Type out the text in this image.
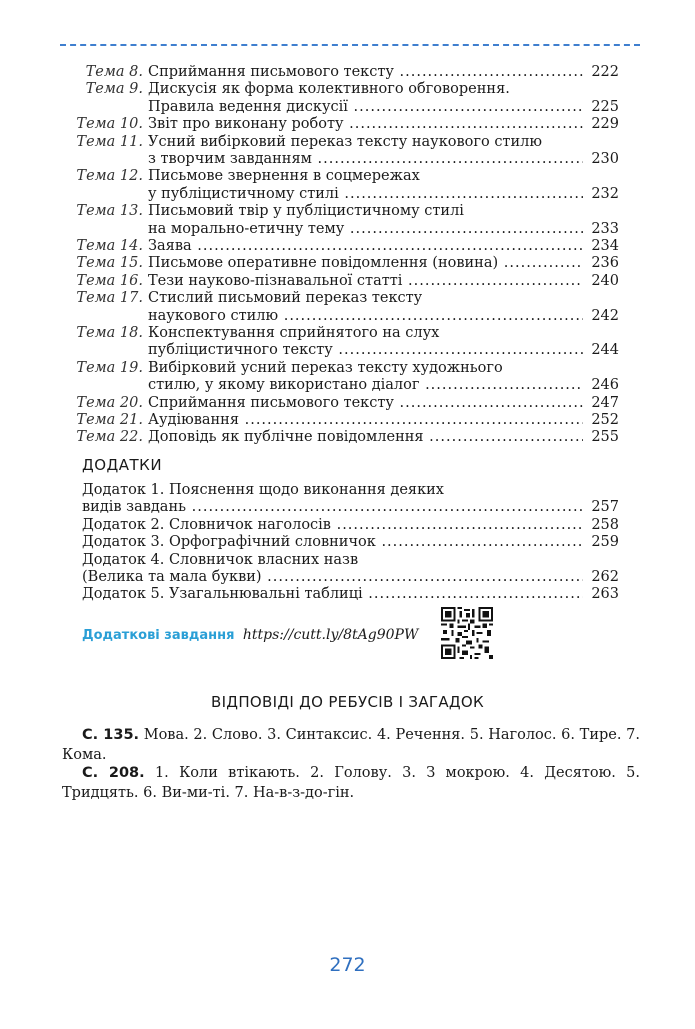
Тема 8. Сприймання письмового тексту .....	222
Тема 9. Дискусія як форма колективного обговорення.
Правила ведення дискусії .....	225
Тема 10. Звіт про виконану роботу .....	229
Тема 11. Усний вибірковий переказ тексту наукового стилю
з творчим завданням .....	230
Тема 12. Письмове звернення в соцмережах
у публіцистичному стилі .....	232
Тема 13. Письмовий твір у публіцистичному стилі
на морально-етичну тему .....	233
Тема 14. Заява .....	234
Тема 15. Письмове оперативне повідомлення (новина) .....	236
Тема 16. Тези науково-пізнавальної статті .....	240
Тема 17. Стислий письмовий переказ тексту
наукового стилю .....	242
Тема 18. Конспектування сприйнятого на слух
публіцистичного тексту .....	244
Тема 19. Вибірковий усний переказ тексту художнього
стилю, у якому використано діалог .....	246
Тема 20. Сприймання письмового тексту .....	247
Тема 21. Аудіювання .....	252
Тема 22. Доповідь як публічне повідомлення .....	255
ДОДАТКИ
Додаток 1. Пояснення щодо виконання деяких
видів завдань .....	257
Додаток 2. Словничок наголосів .....	258
Додаток 3. Орфографічний словничок .....	259
Додаток 4. Словничок власних назв
(Велика та мала букви) .....	262
Додаток 5. Узагальнювальні таблиці .....	263
Додаткові завдання https://cutt.ly/8tAg90PW
ВІДПОВІДІ ДО РЕБУСІВ І ЗАГАДОК
С. 135. Мова. 2. Слово. 3. Синтаксис. 4. Речення. 5. Наголос. 6. Тире. 7. Кома.
С. 208. 1. Коли втікають. 2. Голову. 3. З мокрою. 4. Десятою. 5. Тридцять. 6. Ви-ми-ті. 7. На-в-з-до-гін.
272
